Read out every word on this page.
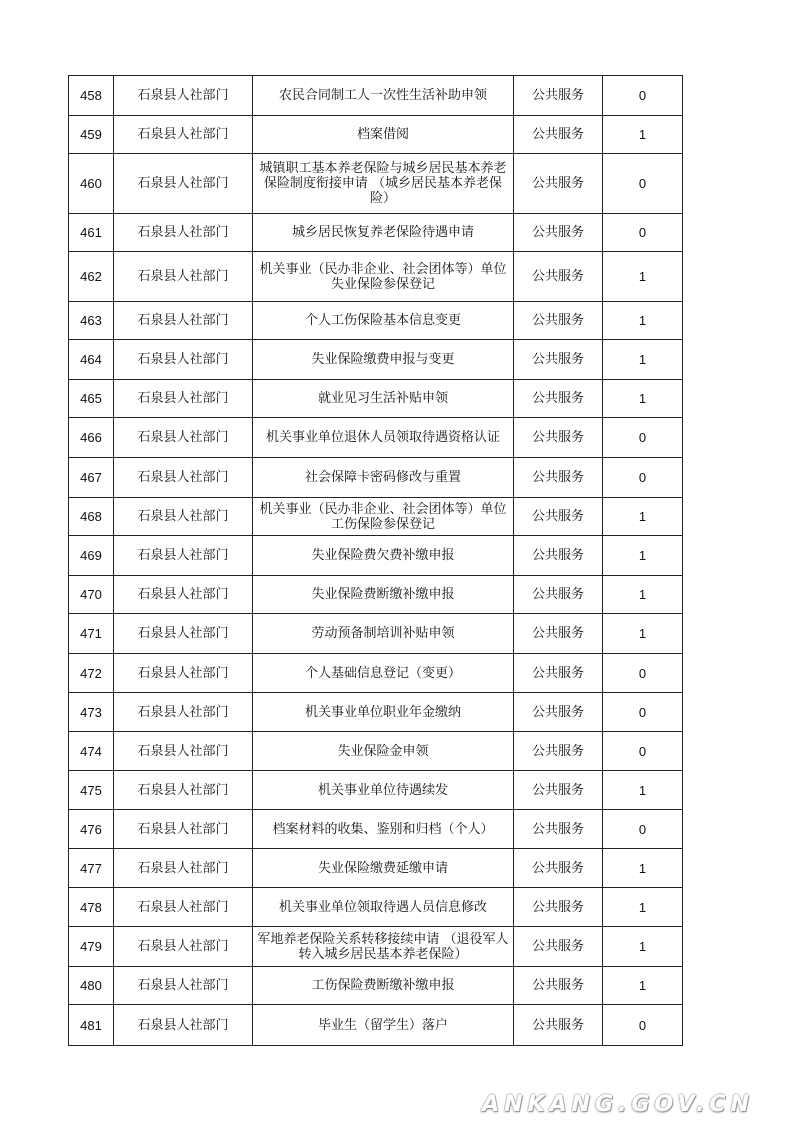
458	石泉县人社部门	农民合同制工人一次性生活补助申领	公共服务	0
459	石泉县人社部门	档案借阅	公共服务	1
460	石泉县人社部门	城镇职工基本养老保险与城乡居民基本养老保险制度衔接申请 （城乡居民基本养老保险）	公共服务	0
461	石泉县人社部门	城乡居民恢复养老保险待遇申请	公共服务	0
462	石泉县人社部门	机关事业（民办非企业、社会团体等）单位失业保险参保登记	公共服务	1
463	石泉县人社部门	个人工伤保险基本信息变更	公共服务	1
464	石泉县人社部门	失业保险缴费申报与变更	公共服务	1
465	石泉县人社部门	就业见习生活补贴申领	公共服务	1
466	石泉县人社部门	机关事业单位退休人员领取待遇资格认证	公共服务	0
467	石泉县人社部门	社会保障卡密码修改与重置	公共服务	0
468	石泉县人社部门	机关事业（民办非企业、社会团体等）单位工伤保险参保登记	公共服务	1
469	石泉县人社部门	失业保险费欠费补缴申报	公共服务	1
470	石泉县人社部门	失业保险费断缴补缴申报	公共服务	1
471	石泉县人社部门	劳动预备制培训补贴申领	公共服务	1
472	石泉县人社部门	个人基础信息登记（变更）	公共服务	0
473	石泉县人社部门	机关事业单位职业年金缴纳	公共服务	0
474	石泉县人社部门	失业保险金申领	公共服务	0
475	石泉县人社部门	机关事业单位待遇续发	公共服务	1
476	石泉县人社部门	档案材料的收集、鉴别和归档（个人）	公共服务	0
477	石泉县人社部门	失业保险缴费延缴申请	公共服务	1
478	石泉县人社部门	机关事业单位领取待遇人员信息修改	公共服务	1
479	石泉县人社部门	军地养老保险关系转移接续申请 （退役军人转入城乡居民基本养老保险）	公共服务	1
480	石泉县人社部门	工伤保险费断缴补缴申报	公共服务	1
481	石泉县人社部门	毕业生（留学生）落户	公共服务	0
ANKANG.GOV.CN
